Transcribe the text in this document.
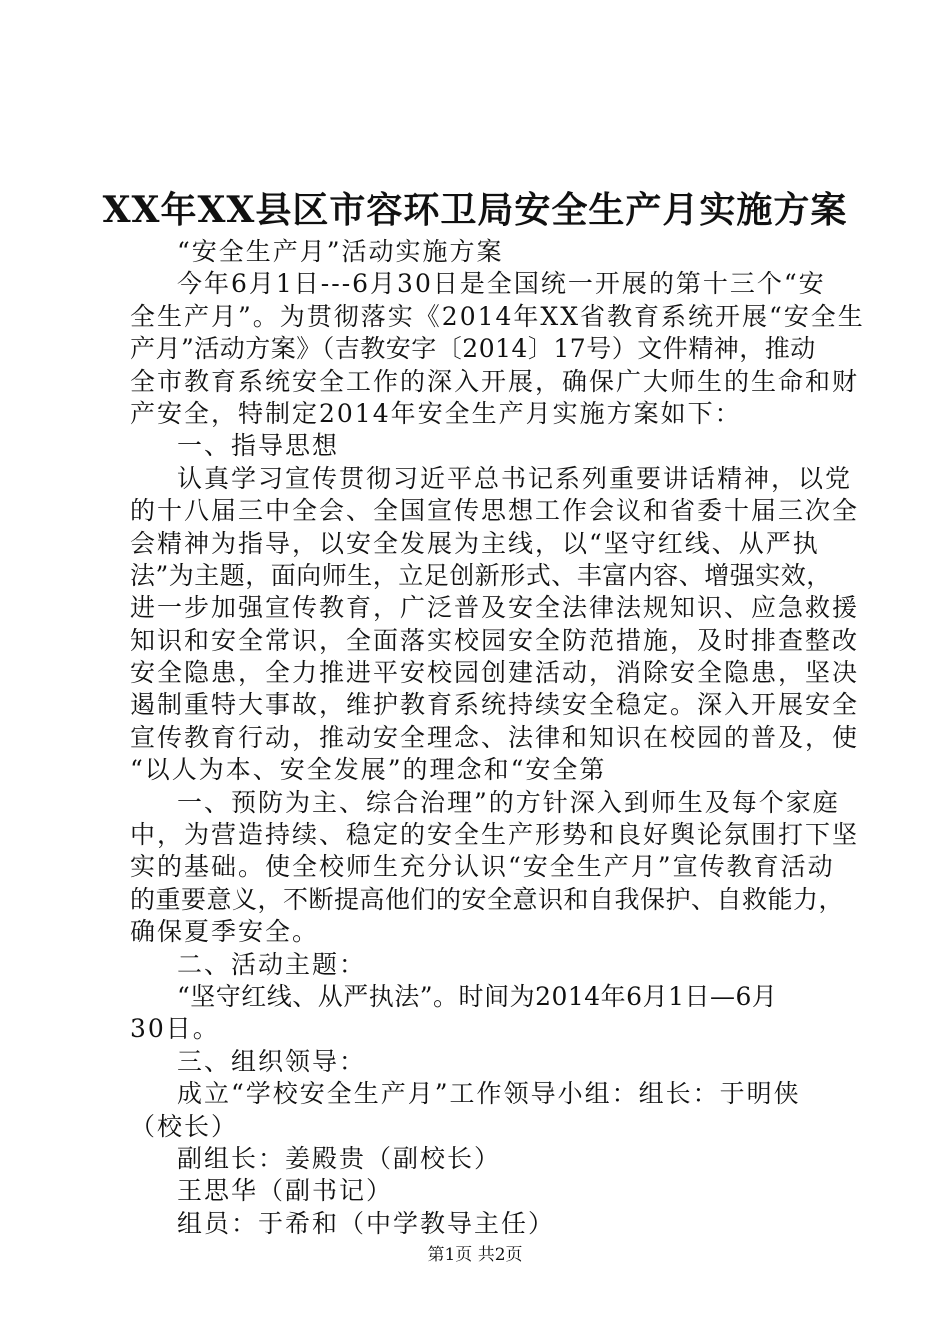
XX年XX县区市容环卫局安全生产月实施方案
“安全生产月”活动实施方案
今年6月1日---6月30日是全国统一开展的第十三个“安
全生产月”。为贯彻落实《2014年XX省教育系统开展“安全生
产月”活动方案》（吉教安字〔2014〕17号）文件精神，推动
全市教育系统安全工作的深入开展，确保广大师生的生命和财
产安全，特制定2014年安全生产月实施方案如下：
一、指导思想
认真学习宣传贯彻习近平总书记系列重要讲话精神，以党
的十八届三中全会、全国宣传思想工作会议和省委十届三次全
会精神为指导，以安全发展为主线，以“坚守红线、从严执
法”为主题，面向师生，立足创新形式、丰富内容、增强实效，
进一步加强宣传教育，广泛普及安全法律法规知识、应急救援
知识和安全常识，全面落实校园安全防范措施，及时排查整改
安全隐患，全力推进平安校园创建活动，消除安全隐患，坚决
遏制重特大事故，维护教育系统持续安全稳定。深入开展安全
宣传教育行动，推动安全理念、法律和知识在校园的普及，使
“以人为本、安全发展”的理念和“安全第
一、预防为主、综合治理”的方针深入到师生及每个家庭
中，为营造持续、稳定的安全生产形势和良好舆论氛围打下坚
实的基础。使全校师生充分认识“安全生产月”宣传教育活动
的重要意义，不断提高他们的安全意识和自我保护、自救能力，
确保夏季安全。
二、活动主题：
“坚守红线、从严执法”。时间为2014年6月1日—6月
30日。
三、组织领导：
成立“学校安全生产月”工作领导小组：组长：于明侠
（校长）
副组长：姜殿贵（副校长）
王思华（副书记）
组员：于希和（中学教导主任）
第1页 共2页
